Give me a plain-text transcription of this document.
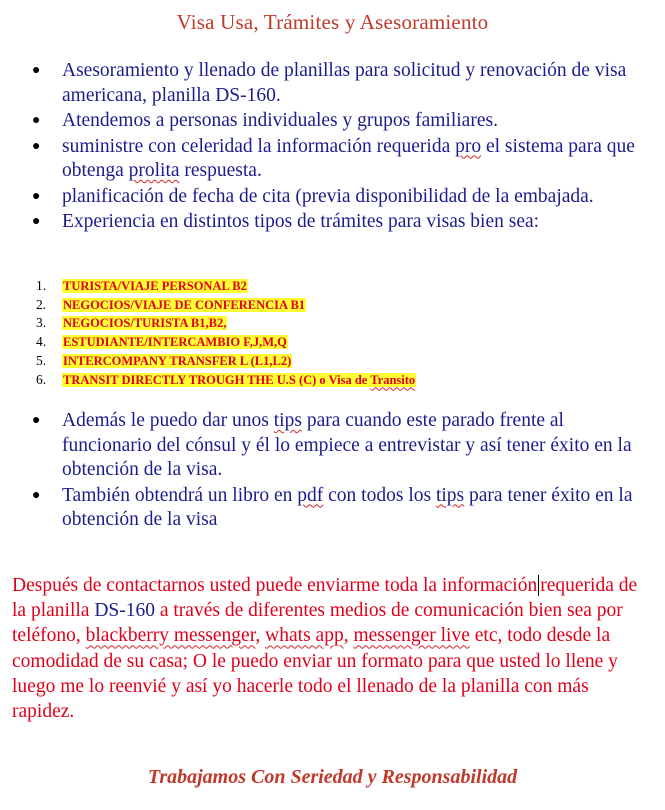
Visa Usa, Trámites y Asesoramiento
● Asesoramiento y llenado de planillas para solicitud y renovación de visa americana, planilla DS-160.
● Atendemos a personas individuales y grupos familiares.
● suministre con celeridad la información requerida pro el sistema para que obtenga prolita respuesta.
● planificación de fecha de cita (previa disponibilidad de la embajada.
● Experiencia en distintos tipos de trámites para visas bien sea:
1. TURISTA/VIAJE PERSONAL B2
2. NEGOCIOS/VIAJE DE CONFERENCIA B1
3. NEGOCIOS/TURISTA B1,B2,
4. ESTUDIANTE/INTERCAMBIO F,J,M,Q
5. INTERCOMPANY TRANSFER L (L1,L2)
6. TRANSIT DIRECTLY TROUGH THE U.S (C) o Visa de Transito
● Además le puedo dar unos tips para cuando este parado frente al funcionario del cónsul y él lo empiece a entrevistar y así tener éxito en la obtención de la visa.
● También obtendrá un libro en pdf con todos los tips para tener éxito en la obtención de la visa
Después de contactarnos usted puede enviarme toda la información requerida de la planilla DS-160 a través de diferentes medios de comunicación bien sea por teléfono, blackberry messenger, whats app, messenger live etc, todo desde la comodidad de su casa; O le puedo enviar un formato para que usted lo llene y luego me lo reenvié y así yo hacerle todo el llenado de la planilla con más rapidez.
Trabajamos Con Seriedad y Responsabilidad
